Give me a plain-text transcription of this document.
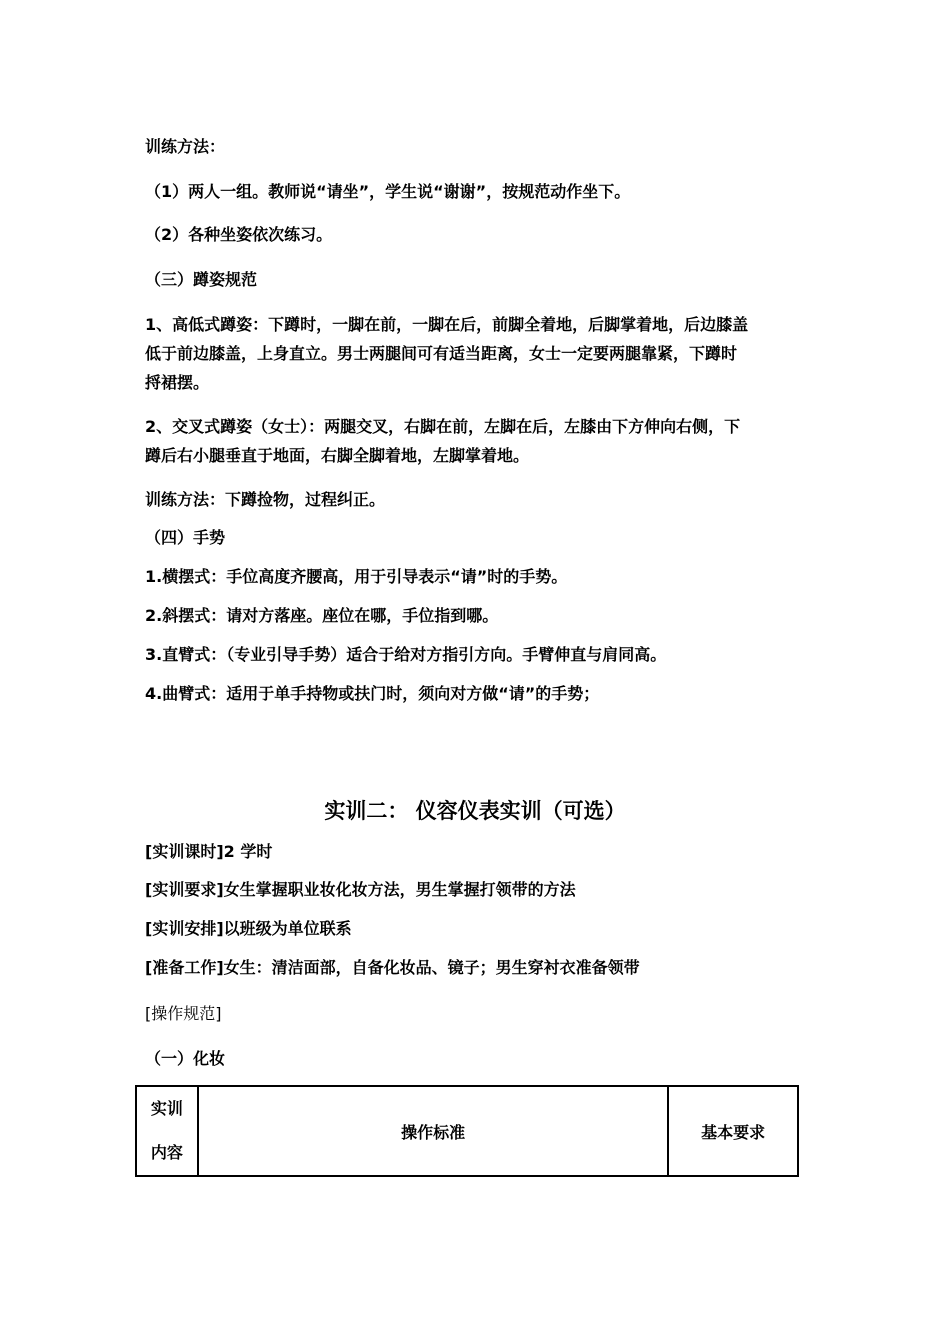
训练方法：
（1）两人一组。教师说“请坐”，学生说“谢谢”，按规范动作坐下。
（2）各种坐姿依次练习。
（三）蹲姿规范
1、高低式蹲姿：下蹲时，一脚在前，一脚在后，前脚全着地，后脚掌着地，后边膝盖
低于前边膝盖，上身直立。男士两腿间可有适当距离，女士一定要两腿靠紧，下蹲时
捋裙摆。
2、交叉式蹲姿（女士）：两腿交叉，右脚在前，左脚在后，左膝由下方伸向右侧，下
蹲后右小腿垂直于地面，右脚全脚着地，左脚掌着地。
训练方法：下蹲捡物，过程纠正。
（四）手势
1.横摆式：手位高度齐腰高，用于引导表示“请”时的手势。
2.斜摆式：请对方落座。座位在哪，手位指到哪。
3.直臂式：（专业引导手势）适合于给对方指引方向。手臂伸直与肩同高。
4.曲臂式：适用于单手持物或扶门时，须向对方做“请”的手势；
实训二： 仪容仪表实训（可选）
[实训课时]2 学时
[实训要求]女生掌握职业妆化妆方法，男生掌握打领带的方法
[实训安排]以班级为单位联系
[准备工作]女生：清洁面部，自备化妆品、镜子；男生穿衬衣准备领带
[操作规范]
（一）化妆
实训
内容
	操作标准	基本要求
